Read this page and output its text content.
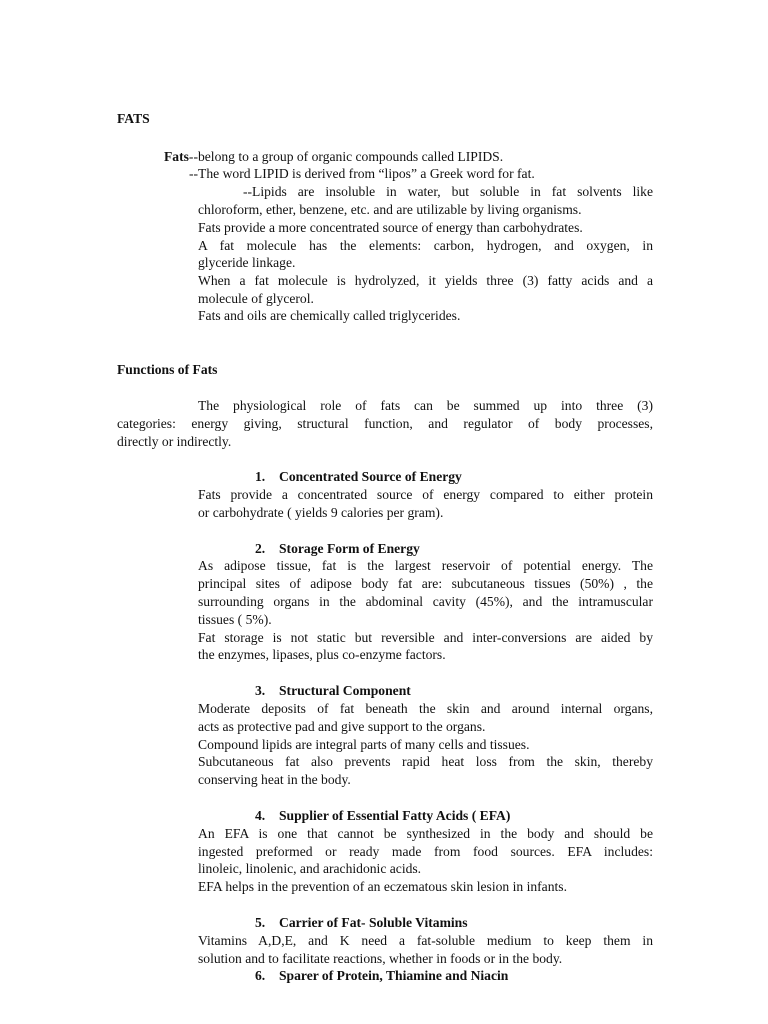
FATS
Fats--belong to a group of organic compounds called LIPIDS.
--The word LIPID is derived from “lipos” a Greek word for fat.
--Lipids are insoluble in water, but soluble in fat solvents like
chloroform, ether, benzene, etc. and are utilizable by living organisms.
Fats provide a more concentrated source of energy than carbohydrates.
A fat molecule has the elements: carbon, hydrogen, and oxygen, in
glyceride linkage.
When a fat molecule is hydrolyzed, it yields three (3) fatty acids and a
molecule of glycerol.
Fats and oils are chemically called triglycerides.
Functions of Fats
The physiological role of fats can be summed up into three (3)
categories: energy giving, structural function, and regulator of body processes,
directly or indirectly.
1. Concentrated Source of Energy
Fats provide a concentrated source of energy compared to either protein
or carbohydrate ( yields 9 calories per gram).
2. Storage Form of Energy
As adipose tissue, fat is the largest reservoir of potential energy. The
principal sites of adipose body fat are: subcutaneous tissues (50%) , the
surrounding organs in the abdominal cavity (45%), and the intramuscular
tissues ( 5%).
Fat storage is not static but reversible and inter-conversions are aided by
the enzymes, lipases, plus co-enzyme factors.
3. Structural Component
Moderate deposits of fat beneath the skin and around internal organs,
acts as protective pad and give support to the organs.
Compound lipids are integral parts of many cells and tissues.
Subcutaneous fat also prevents rapid heat loss from the skin, thereby
conserving heat in the body.
4. Supplier of Essential Fatty Acids ( EFA)
An EFA is one that cannot be synthesized in the body and should be
ingested preformed or ready made from food sources. EFA includes:
linoleic, linolenic, and arachidonic acids.
EFA helps in the prevention of an eczematous skin lesion in infants.
5. Carrier of Fat- Soluble Vitamins
Vitamins A,D,E, and K need a fat-soluble medium to keep them in
solution and to facilitate reactions, whether in foods or in the body.
6. Sparer of Protein, Thiamine and Niacin
